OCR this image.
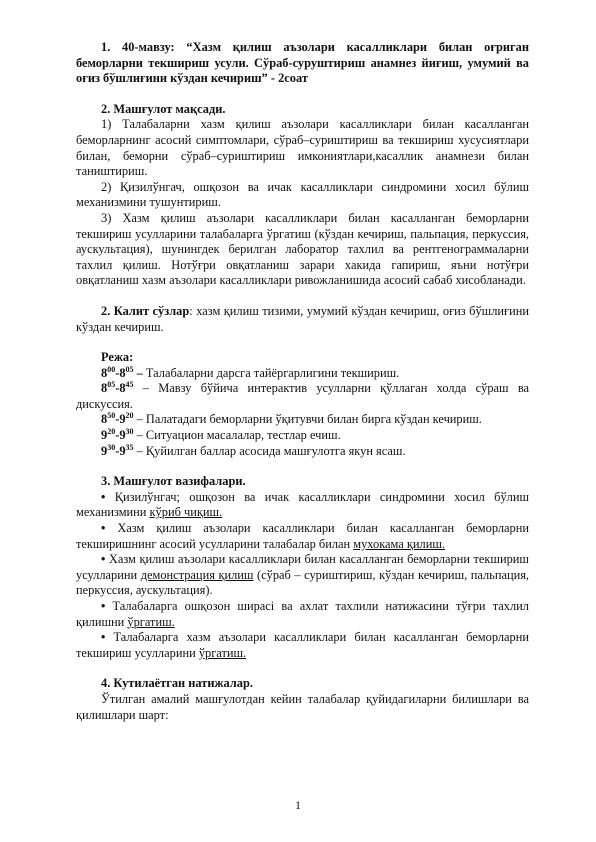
1. 40-мавзу: “Хазм қилиш аъзолари касалликлари билан оғриган беморларни текшириш усули. Сўраб-суруштириш анамнез йиғиш, умумий ва оғиз бўшлиғини кўздан кечириш” - 2соат

2. Машғулот мақсади.

1) Талабаларни хазм қилиш аъзолари касалликлари билан касалланган беморларнинг асосий симптомлари, сўраб–суриштириш ва текшириш хусусиятлари билан, беморни сўраб–суриштириш имкониятлари,касаллик анамнези билан таништириш.

2) Қизилўнгач, ошқозон ва ичак касалликлари синдромини хосил бўлиш механизмини тушунтириш.

3) Хазм қилиш аъзолари касалликлари билан касалланган беморларни текшириш усулларини талабаларга ўргатиш (кўздан кечириш, пальпация, перкуссия, аускультация), шунингдек берилган лаборатор тахлил ва рентгенограммаларни тахлил қилиш. Нотўғри овқатланиш зарари хакида гапириш, яъни нотўғри овқатланиш хазм аъзолари касалликлари ривожланишида асосий сабаб хисобланади.

2. Калит сўзлар: хазм қилиш тизими, умумий кўздан кечириш, оғиз бўшлиғини кўздан кечириш.

Режа:

$8^{00}-8^{05}$ – Талабаларни дарсга тайёргарлигини текшириш.

$8^{05}-8^{45}$ – Мавзу бўйича интерактив усулларни қўллаган холда сўраш ва дискуссия.

$8^{50}-9^{20}$ – Палатадаги беморларни ўқитувчи билан бирга кўздан кечириш.

$9^{20}-9^{30}$ – Ситуацион масалалар, тестлар ечиш.

$9^{30}-9^{35}$ – Қуйилган баллар асосида машғулотга якун ясаш.

3. Машғулот вазифалари.

• Қизилўнгач; ошқозон ва ичак касалликлари синдромини хосил бўлиш механизмини кўриб чиқиш.

• Хазм қилиш аъзолари касалликлари билан касалланган беморларни текширишнинг асосий усулларини талабалар билан мухокама қилиш.

• Хазм қилиш аъзолари касалликлари билан касалланган беморларни текшириш усулларини демонстрация қилиш (сўраб – суриштириш, кўздан кечириш, пальпация, перкуссия, аускультация).

• Талабаларга ошқозон ширасi ва ахлат тахлили натижасини тўғри тахлил қилишни ўргатиш.

• Талабаларга хазм аъзолари касалликлари билан касалланган беморларни текшириш усулларини ўргатиш.

4. Кутилаётган натижалар.

Ўтилган амалий машғулотдан кейин талабалар қуйидагиларни билишлари ва қилишлари шарт:

1
